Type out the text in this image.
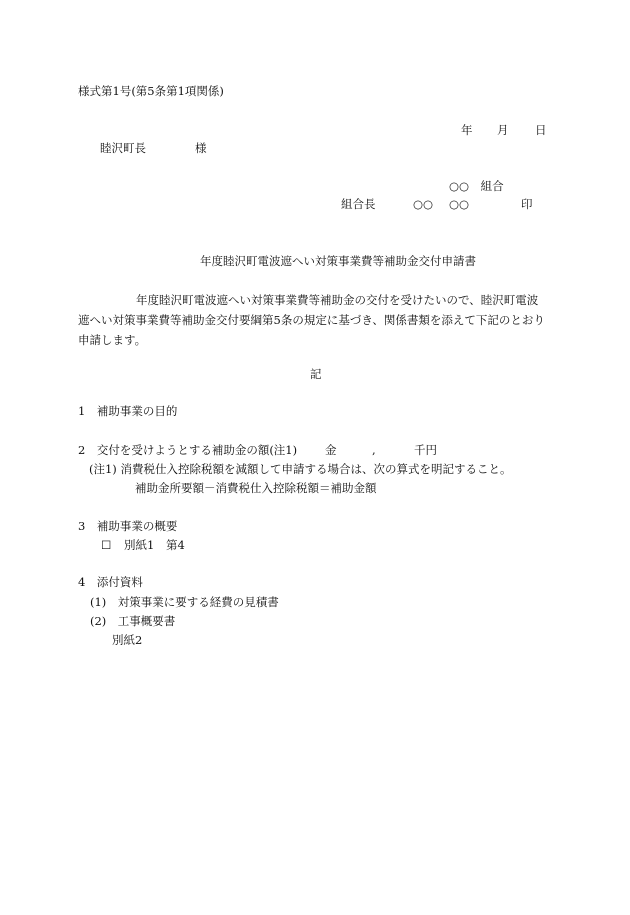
様式第1号(第5条第1項関係)
年 月 日
睦沢町長	様
○○　組合
組合長	○○ ○○	印
年度睦沢町電波遮へい対策事業費等補助金交付申請書
年度睦沢町電波遮へい対策事業費等補助金の交付を受けたいので、睦沢町電波
遮へい対策事業費等補助金交付要綱第5条の規定に基づき、関係書類を添えて下記のとおり
申請します。
記
1　補助事業の目的
2　交付を受けようとする補助金の額(注1) 金	,	千円
(注1) 消費税仕入控除税額を減額して申請する場合は、次の算式を明記すること。
補助金所要額－消費税仕入控除税額＝補助金額
3　補助事業の概要
☐ 別紙1 第4
4　添付資料
(1)　対策事業に要する経費の見積書
(2)　工事概要書
別紙2
